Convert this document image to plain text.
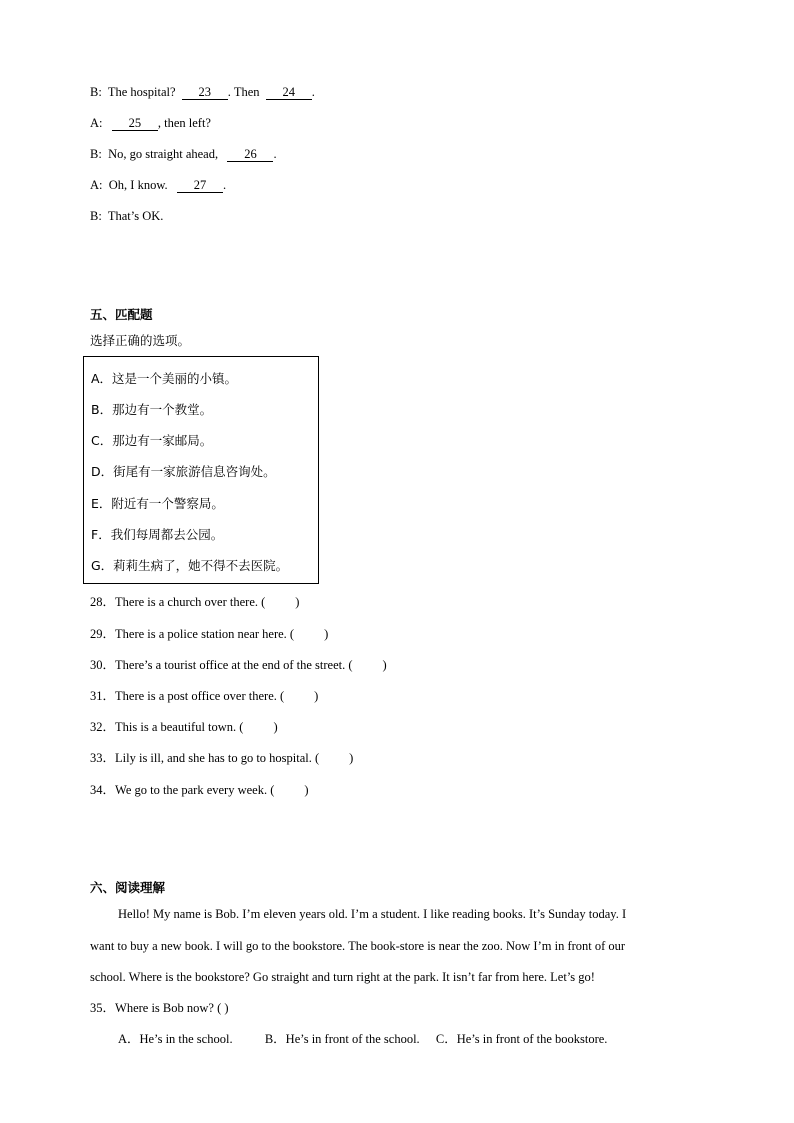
B: The hospital? 23 . Then 24 .
A: 25 , then left?
B: No, go straight ahead, 26 .
A: Oh, I know. 27 .
B: That’s OK.
五、匹配题
选择正确的选项。
A．这是一个美丽的小镇。
B．那边有一个教堂。
C．那边有一家邮局。
D．街尾有一家旅游信息咨询处。
E．附近有一个警察局。
F．我们每周都去公园。
G．莉莉生病了，她不得不去医院。
28．There is a church over there. ( )
29．There is a police station near here. ( )
30．There’s a tourist office at the end of the street. ( )
31．There is a post office over there. ( )
32．This is a beautiful town. ( )
33．Lily is ill, and she has to go to hospital. ( )
34．We go to the park every week. ( )
六、阅读理解
Hello! My name is Bob. I’m eleven years old. I’m a student. I like reading books. It’s Sunday today. I
want to buy a new book. I will go to the bookstore. The book-store is near the zoo. Now I’m in front of our
school. Where is the bookstore? Go straight and turn right at the park. It isn’t far from here. Let’s go!
35．Where is Bob now? ( )
A．He’s in the school.	B．He’s in front of the school. C．He’s in front of the bookstore.
